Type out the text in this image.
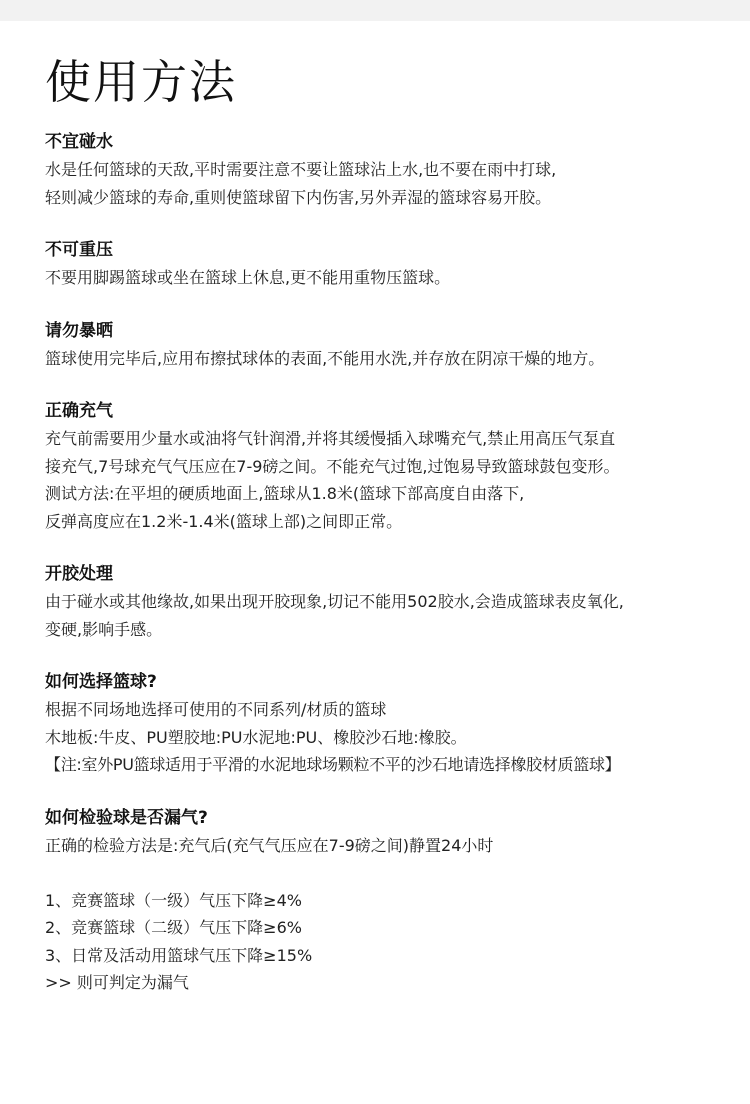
使用方法
不宜碰水
水是任何篮球的天敌,平时需要注意不要让篮球沾上水,也不要在雨中打球,
轻则减少篮球的寿命,重则使篮球留下内伤害,另外弄湿的篮球容易开胶。
不可重压
不要用脚踢篮球或坐在篮球上休息,更不能用重物压篮球。
请勿暴晒
篮球使用完毕后,应用布擦拭球体的表面,不能用水洗,并存放在阴凉干燥的地方。
正确充气
充气前需要用少量水或油将气针润滑,并将其缓慢插入球嘴充气,禁止用高压气泵直
接充气,7号球充气气压应在7-9磅之间。不能充气过饱,过饱易导致篮球鼓包变形。
测试方法:在平坦的硬质地面上,篮球从1.8米(篮球下部高度自由落下,
反弹高度应在1.2米-1.4米(篮球上部)之间即正常。
开胶处理
由于碰水或其他缘故,如果出现开胶现象,切记不能用502胶水,会造成篮球表皮氧化,
变硬,影响手感。
如何选择篮球?
根据不同场地选择可使用的不同系列/材质的篮球
木地板:牛皮、PU塑胶地:PU水泥地:PU、橡胶沙石地:橡胶。
【注:室外PU篮球适用于平滑的水泥地球场颗粒不平的沙石地请选择橡胶材质篮球】
如何检验球是否漏气?
正确的检验方法是:充气后(充气气压应在7-9磅之间)静置24小时
1、竞赛篮球（一级）气压下降≥4%
2、竞赛篮球（二级）气压下降≥6%
3、日常及活动用篮球气压下降≥15%
>> 则可判定为漏气
